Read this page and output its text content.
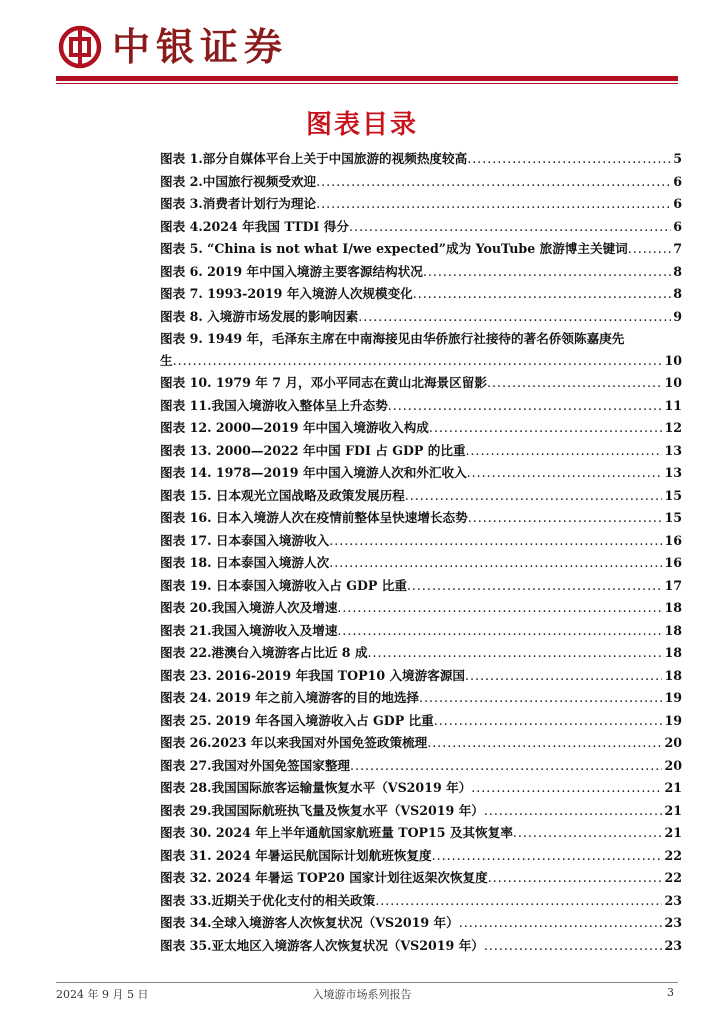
中银证券
图表目录
图表 1.部分自媒体平台上关于中国旅游的视频热度较高 .....	5
图表 2.中国旅行视频受欢迎 .....	6
图表 3.消费者计划行为理论 .....	6
图表 4.2024 年我国 TTDI 得分 .....	6
图表 5. “China is not what I/we expected”成为 YouTube 旅游博主关键词 .....	7
图表 6. 2019 年中国入境游主要客源结构状况 .....	8
图表 7. 1993-2019 年入境游人次规模变化 .....	8
图表 8. 入境游市场发展的影响因素 .....	9
图表 9. 1949 年，毛泽东主席在中南海接见由华侨旅行社接待的著名侨领陈嘉庚先
生 .....	10
图表 10. 1979 年 7 月，邓小平同志在黄山北海景区留影 .....	10
图表 11.我国入境游收入整体呈上升态势 .....	11
图表 12. 2000—2019 年中国入境游收入构成 .....	12
图表 13. 2000—2022 年中国 FDI 占 GDP 的比重 .....	13
图表 14. 1978—2019 年中国入境游人次和外汇收入 .....	13
图表 15. 日本观光立国战略及政策发展历程 .....	15
图表 16. 日本入境游人次在疫情前整体呈快速增长态势 .....	15
图表 17. 日本泰国入境游收入 .....	16
图表 18. 日本泰国入境游人次 .....	16
图表 19. 日本泰国入境游收入占 GDP 比重 .....	17
图表 20.我国入境游人次及增速 .....	18
图表 21.我国入境游收入及增速 .....	18
图表 22.港澳台入境游客占比近 8 成 .....	18
图表 23. 2016-2019 年我国 TOP10 入境游客源国 .....	18
图表 24. 2019 年之前入境游客的目的地选择 .....	19
图表 25. 2019 年各国入境游收入占 GDP 比重 .....	19
图表 26.2023 年以来我国对外国免签政策梳理 .....	20
图表 27.我国对外国免签国家整理 .....	20
图表 28.我国国际旅客运输量恢复水平（VS2019 年） .....	21
图表 29.我国国际航班执飞量及恢复水平（VS2019 年） .....	21
图表 30. 2024 年上半年通航国家航班量 TOP15 及其恢复率 .....	21
图表 31. 2024 年暑运民航国际计划航班恢复度 .....	22
图表 32. 2024 年暑运 TOP20 国家计划往返架次恢复度 .....	22
图表 33.近期关于优化支付的相关政策 .....	23
图表 34.全球入境游客人次恢复状况（VS2019 年） .....	23
图表 35.亚太地区入境游客人次恢复状况（VS2019 年） .....	23
2024 年 9 月 5 日	入境游市场系列报告	3
